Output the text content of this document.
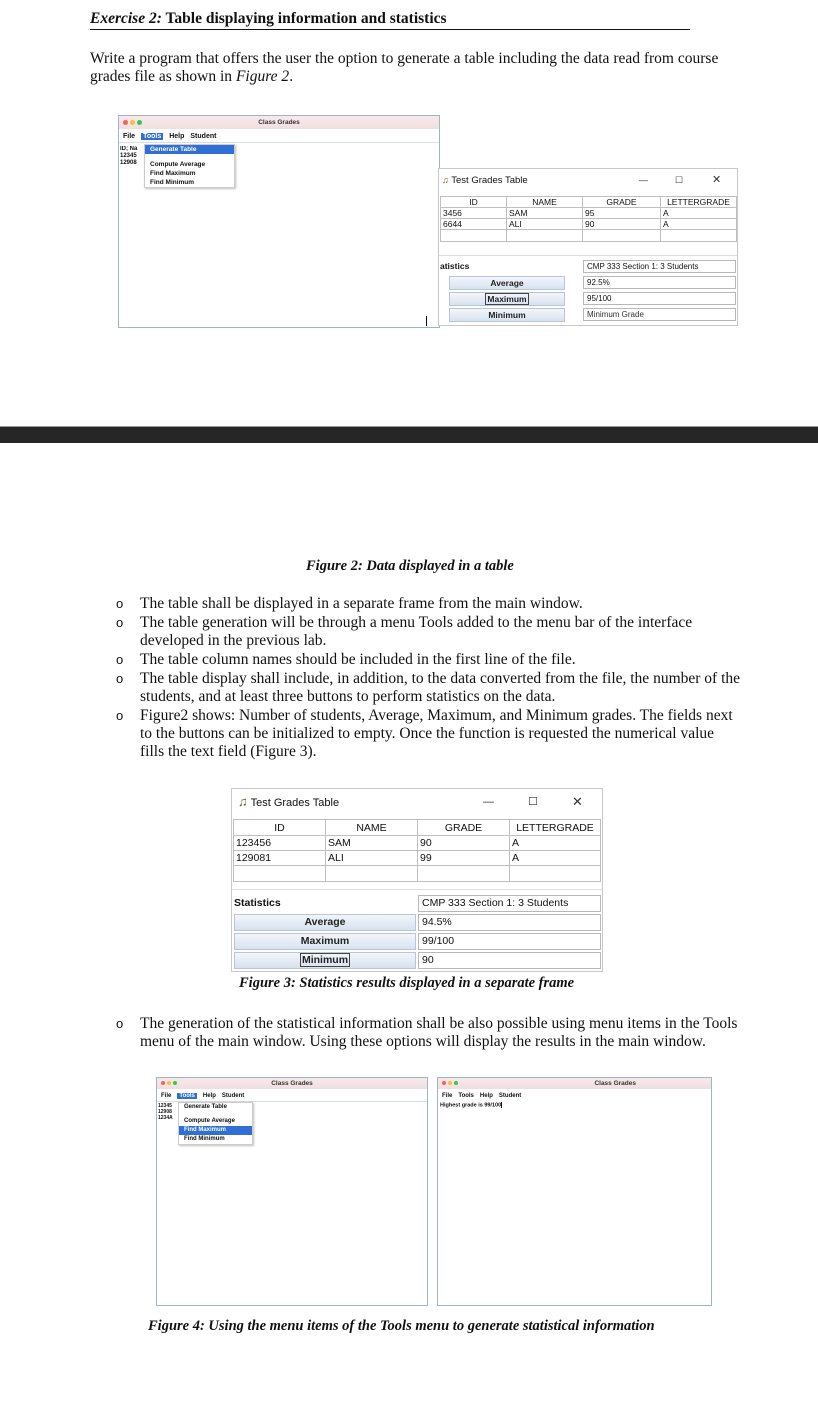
Exercise 2: Table displaying information and statistics
Write a program that offers the user the option to generate a table including the data read from course grades file as shown in Figure 2.
Class Grades
File Tools Help Student
ID; Na
12345
12908
Generate Table
Compute Average
Find Maximum
Find Minimum	♫ Test Grades Table	—	☐	✕
ID	NAME	GRADE	LETTERGRADE
3456	SAM	95	A
6644	ALI	90	A

atistics	CMP 333 Section 1: 3 Students
Average	92.5%
Maximum	95/100
Minimum	Minimum Grade
Figure 2: Data displayed in a table
o The table shall be displayed in a separate frame from the main window.
o The table generation will be through a menu Tools added to the menu bar of the interface developed in the previous lab.
o The table column names should be included in the first line of the file.
o The table display shall include, in addition, to the data converted from the file, the number of the students, and at least three buttons to perform statistics on the data.
o Figure2 shows: Number of students, Average, Maximum, and Minimum grades. The fields next to the buttons can be initialized to empty. Once the function is requested the numerical value fills the text field (Figure 3).
♫ Test Grades Table	—	☐	✕
ID	NAME	GRADE	LETTERGRADE
123456	SAM	90	A
129081	ALI	99	A

Statistics	CMP 333 Section 1: 3 Students
Average	94.5%
Maximum	99/100
Minimum	90
Figure 3: Statistics results displayed in a separate frame
o The generation of the statistical information shall be also possible using menu items in the Tools menu of the main window. Using these options will display the results in the main window.
Class Grades
File Tools Help Student
12345
12908
1234A
Generate Table
Compute Average
Find Maximum
Find Minimum
Class Grades
File Tools Help Student
Highest grade is 99/100
Figure 4: Using the menu items of the Tools menu to generate statistical information
